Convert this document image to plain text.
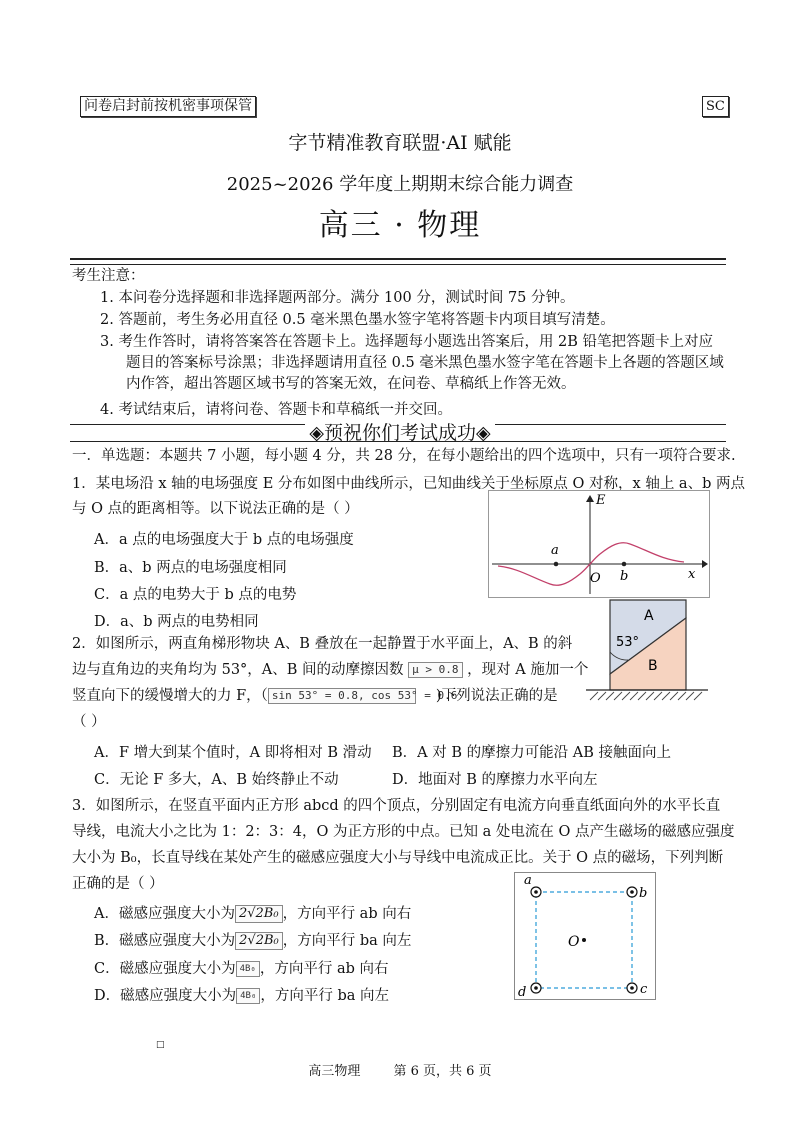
问卷启封前按机密事项保管	SC
字节精准教育联盟·AI 赋能
2025~2026 学年度上期期末综合能力调查
高三 · 物理
考生注意：
1. 本问卷分选择题和非选择题两部分。满分 100 分，测试时间 75 分钟。
2. 答题前，考生务必用直径 0.5 毫米黑色墨水签字笔将答题卡内项目填写清楚。
3. 考生作答时，请将答案答在答题卡上。选择题每小题选出答案后，用 2B 铅笔把答题卡上对应
题目的答案标号涂黑；非选择题请用直径 0.5 毫米黑色墨水签字笔在答题卡上各题的答题区域
内作答，超出答题区域书写的答案无效，在问卷、草稿纸上作答无效。
4. 考试结束后，请将问卷、答题卡和草稿纸一并交回。
◈预祝你们考试成功◈
一．单选题：本题共 7 小题，每小题 4 分，共 28 分，在每小题给出的四个选项中，只有一项符合要求.
1．某电场沿 x 轴的电场强度 E 分布如图中曲线所示，已知曲线关于坐标原点 O 对称，x 轴上 a、b 两点
与 O 点的距离相等。以下说法正确的是（ ）
A．a 点的电场强度大于 b 点的电场强度
B．a、b 两点的电场强度相同
C．a 点的电势大于 b 点的电势
D．a、b 两点的电势相同
E
x
O
a
b
2．如图所示，两直角梯形物块 A、B 叠放在一起静置于水平面上，A、B 的斜
边与直角边的夹角均为 53°，A、B 间的动摩擦因数 μ > 0.8 ，现对 A 施加一个
竖直向下的缓慢增大的力 F，（ sin 53° = 0.8, cos 53° = 0.6)下列说法正确的是
（ ）
A．F 增大到某个值时，A 即将相对 B 滑动 B．A 对 B 的摩擦力可能沿 AB 接触面向上
C．无论 F 多大，A、B 始终静止不动	D．地面对 B 的摩擦力水平向左
A
B
53°
3．如图所示，在竖直平面内正方形 abcd 的四个顶点，分别固定有电流方向垂直纸面向外的水平长直
导线，电流大小之比为 1：2：3：4，O 为正方形的中点。已知 a 处电流在 O 点产生磁场的磁感应强度
大小为 B₀，长直导线在某处产生的磁感应强度大小与导线中电流成正比。关于 O 点的磁场，下列判断
正确的是（ ）
A．磁感应强度大小为 2√2B₀ ，方向平行 ab 向右
B．磁感应强度大小为 2√2B₀ ，方向平行 ba 向左
C．磁感应强度大小为 4B₀ ，方向平行 ab 向右
D．磁感应强度大小为 4B₀ ，方向平行 ba 向左
a
b
c
d
O
□
高三物理        第 6 页，共 6 页
